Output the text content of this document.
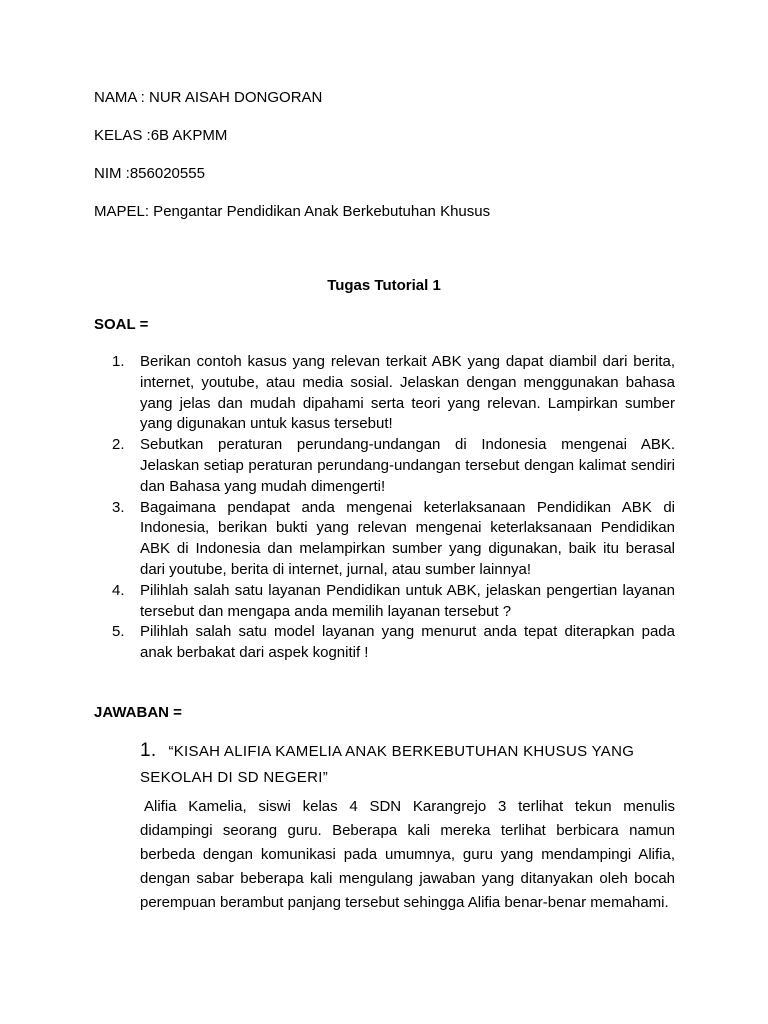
NAMA : NUR AISAH DONGORAN

KELAS :6B AKPMM

NIM :856020555

MAPEL: Pengantar Pendidikan Anak Berkebutuhan Khusus

Tugas Tutorial 1

SOAL =

1.	Berikan contoh kasus yang relevan terkait ABK yang dapat diambil dari berita, internet, youtube, atau media sosial. Jelaskan dengan menggunakan bahasa yang jelas dan mudah dipahami serta teori yang relevan. Lampirkan sumber yang digunakan untuk kasus tersebut!
2.	Sebutkan peraturan perundang-undangan di Indonesia mengenai ABK. Jelaskan setiap peraturan perundang-undangan tersebut dengan kalimat sendiri dan Bahasa yang mudah dimengerti!
3.	Bagaimana pendapat anda mengenai keterlaksanaan Pendidikan ABK di Indonesia, berikan bukti yang relevan mengenai keterlaksanaan Pendidikan ABK di Indonesia dan melampirkan sumber yang digunakan, baik itu berasal dari youtube, berita di internet, jurnal, atau sumber lainnya!
4.	Pilihlah salah satu layanan Pendidikan untuk ABK, jelaskan pengertian layanan tersebut dan mengapa anda memilih layanan tersebut ?
5.	Pilihlah salah satu model layanan yang menurut anda tepat diterapkan pada anak berbakat dari aspek kognitif !

JAWABAN =

1. “KISAH ALIFIA KAMELIA ANAK BERKEBUTUHAN KHUSUS YANG
SEKOLAH DI SD NEGERI”

Alifia Kamelia, siswi kelas 4 SDN Karangrejo 3 terlihat tekun menulis didampingi seorang guru. Beberapa kali mereka terlihat berbicara namun berbeda dengan komunikasi pada umumnya, guru yang mendampingi Alifia, dengan sabar beberapa kali mengulang jawaban yang ditanyakan oleh bocah perempuan berambut panjang tersebut sehingga Alifia benar-benar memahami.
